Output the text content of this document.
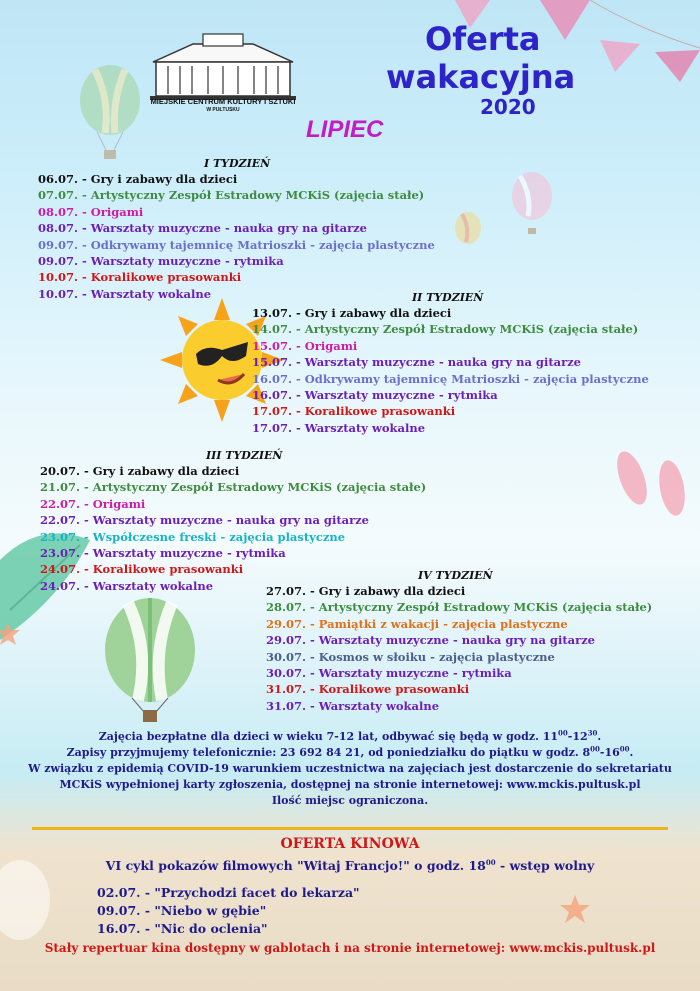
MIEJSKIE CENTRUM KULTURY I SZTUKI
W PUŁTUSKU
Oferta
wakacyjna
2020
LIPIEC
I TYDZIEŃ
06.07. - Gry i zabawy dla dzieci
07.07. - Artystyczny Zespół Estradowy MCKiS (zajęcia stałe)
08.07. - Origami
08.07. - Warsztaty muzyczne - nauka gry na gitarze
09.07. - Odkrywamy tajemnicę Matrioszki - zajęcia plastyczne
09.07. - Warsztaty muzyczne - rytmika
10.07. - Koralikowe prasowanki
10.07. - Warsztaty wokalne	II TYDZIEŃ
13.07. - Gry i zabawy dla dzieci
14.07. - Artystyczny Zespół Estradowy MCKiS (zajęcia stałe)
15.07. - Origami
15.07. - Warsztaty muzyczne - nauka gry na gitarze
16.07. - Odkrywamy tajemnicę Matrioszki - zajęcia plastyczne
16.07. - Warsztaty muzyczne - rytmika
17.07. - Koralikowe prasowanki
17.07. - Warsztaty wokalne
III TYDZIEŃ
20.07. - Gry i zabawy dla dzieci
21.07. - Artystyczny Zespół Estradowy MCKiS (zajęcia stałe)
22.07. - Origami
22.07. - Warsztaty muzyczne - nauka gry na gitarze
23.07. - Współczesne freski - zajęcia plastyczne
23.07. - Warsztaty muzyczne - rytmika
24.07. - Koralikowe prasowanki
24.07. - Warsztaty wokalne
IV TYDZIEŃ
27.07. - Gry i zabawy dla dzieci
28.07. - Artystyczny Zespół Estradowy MCKiS (zajęcia stałe)
29.07. - Pamiątki z wakacji - zajęcia plastyczne
29.07. - Warsztaty muzyczne - nauka gry na gitarze
30.07. - Kosmos w słoiku - zajęcia plastyczne
30.07. - Warsztaty muzyczne - rytmika
31.07. - Koralikowe prasowanki
31.07. - Warsztaty wokalne
Zajęcia bezpłatne dla dzieci w wieku 7-12 lat, odbywać się będą w godz. $11^{00}-12^{30}$.
Zapisy przyjmujemy telefonicznie: 23 692 84 21, od poniedziałku do piątku w godz. $8^{00}-16^{00}$.
W związku z epidemią COVID-19 warunkiem uczestnictwa na zajęciach jest dostarczenie do sekretariatu
MCKiS wypełnionej karty zgłoszenia, dostępnej na stronie internetowej: www.mckis.pultusk.pl
Ilość miejsc ograniczona.
OFERTA KINOWA
VI cykl pokazów filmowych "Witaj Francjo!" o godz. $18^{00}$ - wstęp wolny
02.07. - "Przychodzi facet do lekarza"
09.07. - "Niebo w gębie"
16.07. - "Nic do oclenia"
Stały repertuar kina dostępny w gablotach i na stronie internetowej: www.mckis.pultusk.pl
